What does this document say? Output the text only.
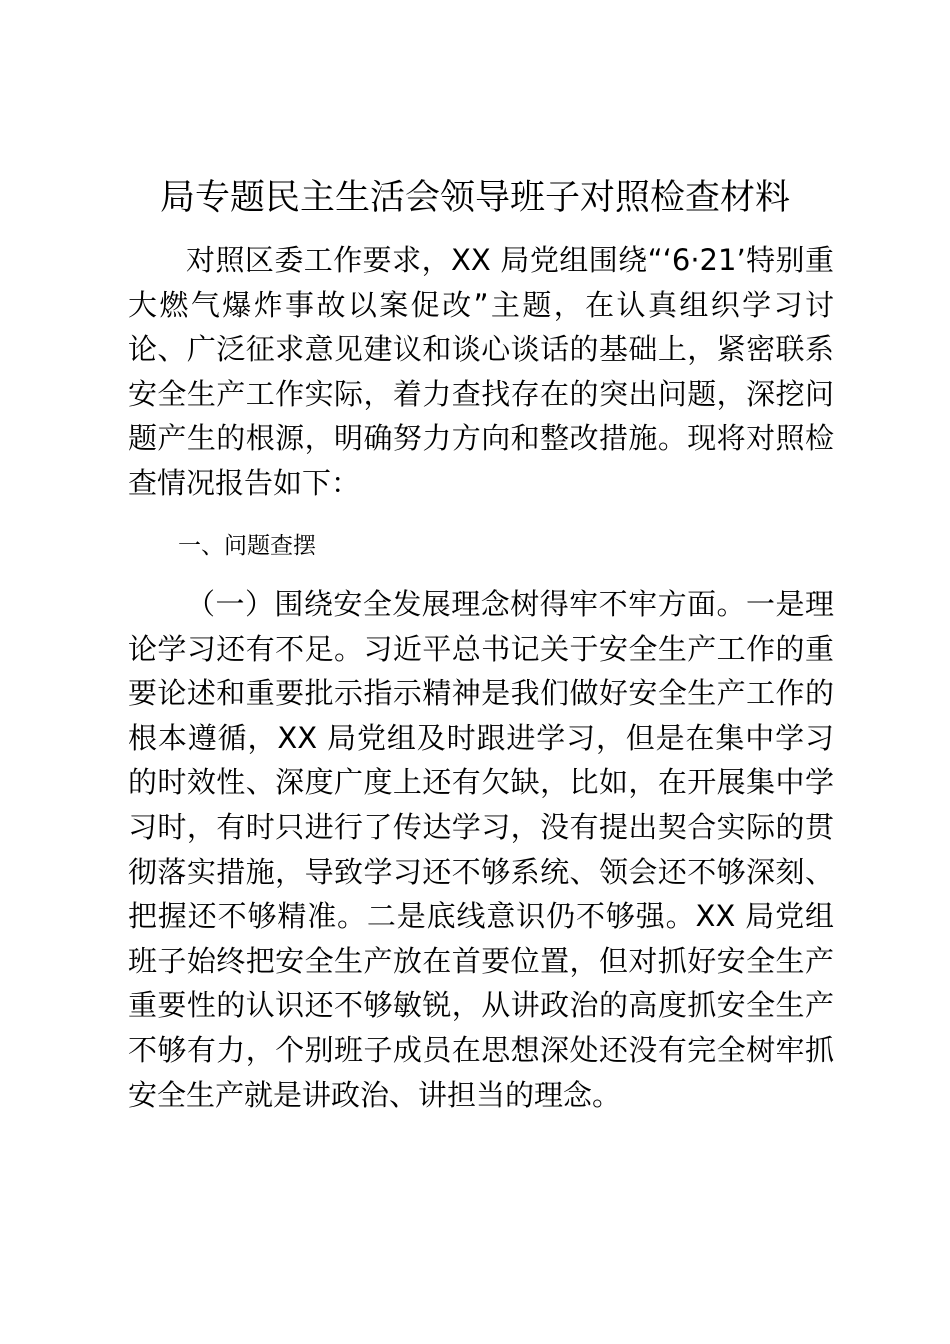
局专题民主生活会领导班子对照检查材料

对照区委工作要求，XX 局党组围绕“‘6·21’特别重大燃气爆炸事故以案促改”主题，在认真组织学习讨论、广泛征求意见建议和谈心谈话的基础上，紧密联系安全生产工作实际，着力查找存在的突出问题，深挖问题产生的根源，明确努力方向和整改措施。现将对照检查情况报告如下：

一、问题查摆

（一）围绕安全发展理念树得牢不牢方面。一是理论学习还有不足。习近平总书记关于安全生产工作的重要论述和重要批示指示精神是我们做好安全生产工作的根本遵循，XX 局党组及时跟进学习，但是在集中学习的时效性、深度广度上还有欠缺，比如，在开展集中学习时，有时只进行了传达学习，没有提出契合实际的贯彻落实措施，导致学习还不够系统、领会还不够深刻、把握还不够精准。二是底线意识仍不够强。XX 局党组班子始终把安全生产放在首要位置，但对抓好安全生产重要性的认识还不够敏锐，从讲政治的高度抓安全生产不够有力，个别班子成员在思想深处还没有完全树牢抓安全生产就是讲政治、讲担当的理念。
